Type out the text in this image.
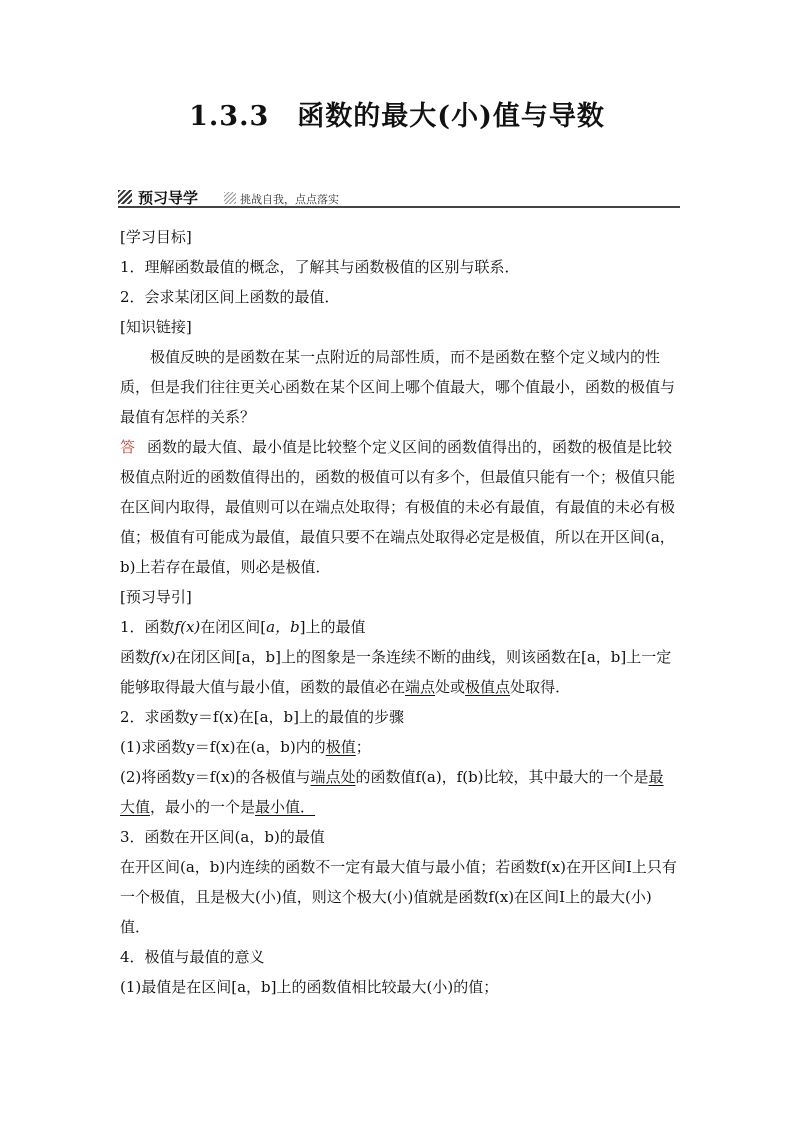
1.3.3 函数的最大(小)值与导数
预习导学	挑战自我，点点落实

[学习目标]

1．理解函数最值的概念，了解其与函数极值的区别与联系．

2．会求某闭区间上函数的最值．

[知识链接]

极值反映的是函数在某一点附近的局部性质，而不是函数在整个定义域内的性质，但是我们往往更关心函数在某个区间上哪个值最大，哪个值最小，函数的极值与最值有怎样的关系？

答 函数的最大值、最小值是比较整个定义区间的函数值得出的，函数的极值是比较极值点附近的函数值得出的，函数的极值可以有多个，但最值只能有一个；极值只能在区间内取得，最值则可以在端点处取得；有极值的未必有最值，有最值的未必有极值；极值有可能成为最值，最值只要不在端点处取得必定是极值，所以在开区间(a，b)上若存在最值，则必是极值．

[预习导引]

1．函数f(x)在闭区间[a，b]上的最值

函数f(x)在闭区间[a，b]上的图象是一条连续不断的曲线，则该函数在[a，b]上一定能够取得最大值与最小值，函数的最值必在端点处或极值点处取得．

2．求函数y＝f(x)在[a，b]上的最值的步骤

(1)求函数y＝f(x)在(a，b)内的极值；

(2)将函数y＝f(x)的各极值与端点处的函数值f(a)，f(b)比较，其中最大的一个是最大值，最小的一个是最小值．

3．函数在开区间(a，b)的最值

在开区间(a，b)内连续的函数不一定有最大值与最小值；若函数f(x)在开区间I上只有一个极值，且是极大(小)值，则这个极大(小)值就是函数f(x)在区间I上的最大(小)值．

4．极值与最值的意义

(1)最值是在区间[a，b]上的函数值相比较最大(小)的值；
